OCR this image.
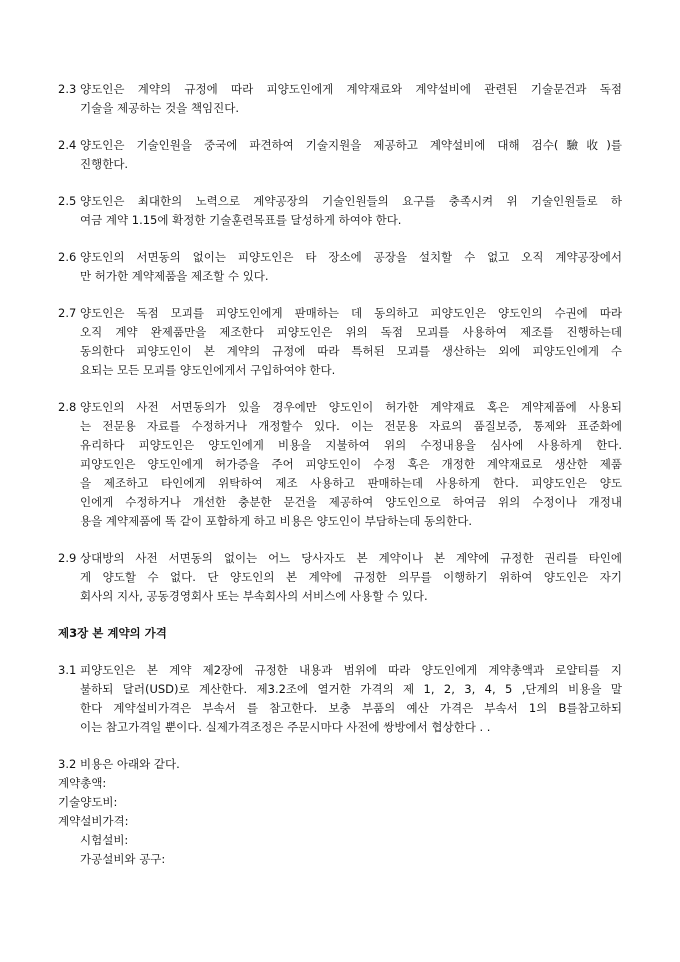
2.3 양도인은 계약의 규정에 따라 피양도인에게 계약재료와 계약설비에 관련된 기술문건과 독점
기술을 제공하는 것을 책임진다.
2.4 양도인은 기술인원을 중국에 파견하여 기술지원을 제공하고 계약설비에 대해 검수(驗收)를
진행한다.
2.5 양도인은 최대한의 노력으로 계약공장의 기술인원들의 요구를 충족시켜 위 기술인원들로 하
여금 계약 1.15에 확정한 기술훈련목표를 달성하게 하여야 한다.
2.6 양도인의 서면동의 없이는 피양도인은 타 장소에 공장을 설치할 수 없고 오직 계약공장에서
만 허가한 계약제품을 제조할 수 있다.
2.7 양도인은 독점 모괴를 피양도인에게 판매하는 데 동의하고 피양도인은 양도인의 수권에 따라
오직 계약 완제품만을 제조한다 피양도인은 위의 독점 모괴를 사용하여 제조를 진행하는데
동의한다 피양도인이 본 계약의 규정에 따라 특허된 모괴를 생산하는 외에 피양도인에게 수
요되는 모든 모괴를 양도인에게서 구입하여야 한다.
2.8 양도인의 사전 서면동의가 있을 경우에만 양도인이 허가한 계약재료 혹은 계약제품에 사용되
는 전문용 자료를 수정하거나 개정할수 있다. 이는 전문용 자료의 품질보증, 통제와 표준화에
유리하다 피양도인은 양도인에게 비용을 지불하여 위의 수정내용을 심사에 사용하게 한다.
피양도인은 양도인에게 허가증을 주어 피양도인이 수정 혹은 개정한 계약재료로 생산한 제품
을 제조하고 타인에게 위탁하여 제조 사용하고 판매하는데 사용하게 한다. 피양도인은 양도
인에게 수정하거나 개선한 충분한 문건을 제공하여 양도인으로 하여금 위의 수정이나 개정내
용을 계약제품에 똑 같이 포함하게 하고 비용은 양도인이 부담하는데 동의한다.
2.9 상대방의 사전 서면동의 없이는 어느 당사자도 본 계약이나 본 계약에 규정한 권리를 타인에
게 양도할 수 없다. 단 양도인의 본 계약에 규정한 의무를 이행하기 위하여 양도인은 자기
회사의 지사, 공동경영회사 또는 부속회사의 서비스에 사용할 수 있다.
제3장 본 계약의 가격
3.1 피양도인은 본 계약 제2장에 규정한 내용과 범위에 따라 양도인에게 계약총액과 로얄티를 지
불하되 달러(USD)로 계산한다. 제3.2조에 열거한 가격의 제 1, 2, 3, 4, 5 ,단계의 비용을 말
한다 계약설비가격은 부속서 를 참고한다. 보충 부품의 예산 가격은 부속서 1의 B를참고하되
이는 참고가격일 뿐이다. 실제가격조정은 주문시마다 사전에 쌍방에서 협상한다 . .
3.2 비용은 아래와 같다.
계약총액:
기술양도비:
계약설비가격:
시험설비:
가공설비와 공구:
